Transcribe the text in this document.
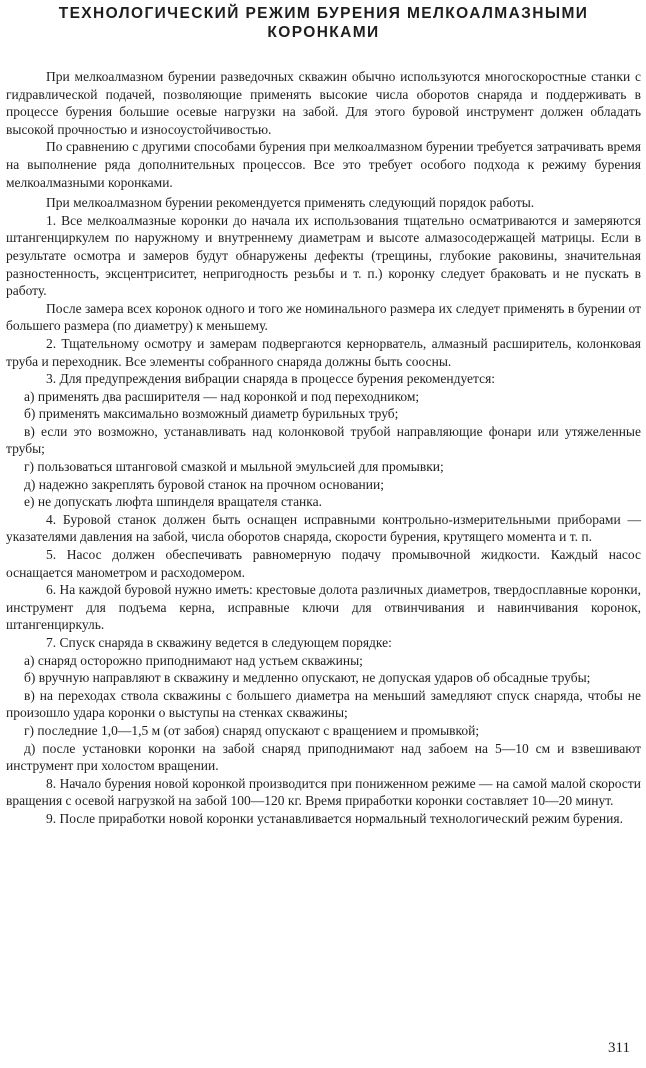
ТЕХНОЛОГИЧЕСКИЙ РЕЖИМ БУРЕНИЯ МЕЛКОАЛМАЗНЫМИ
КОРОНКАМИ

При мелкоалмазном бурении разведочных скважин обычно используются многоскоростные станки с гидравлической подачей, позволяющие применять высокие числа оборотов снаряда и поддерживать в процессе бурения большие осевые нагрузки на забой. Для этого буровой инструмент должен обладать высокой прочностью и износоустойчивостью.

По сравнению с другими способами бурения при мелкоалмазном бурении требуется затрачивать время на выполнение ряда дополнительных процессов. Все это требует особого подхода к режиму бурения мелкоалмазными коронками.

При мелкоалмазном бурении рекомендуется применять следующий порядок работы.

1. Все мелкоалмазные коронки до начала их использования тщательно осматриваются и замеряются штангенциркулем по наружному и внутреннему диаметрам и высоте алмазосодержащей матрицы. Если в результате осмотра и замеров будут обнаружены дефекты (трещины, глубокие раковины, значительная разностенность, эксцентриситет, непригодность резьбы и т. п.) коронку следует браковать и не пускать в работу.

После замера всех коронок одного и того же номинального размера их следует применять в бурении от большего размера (по диаметру) к меньшему.

2. Тщательному осмотру и замерам подвергаются кернорватель, алмазный расширитель, колонковая труба и переходник. Все элементы собранного снаряда должны быть соосны.

3. Для предупреждения вибрации снаряда в процессе бурения рекомендуется:

а) применять два расширителя — над коронкой и под переходником;

б) применять максимально возможный диаметр бурильных труб;

в) если это возможно, устанавливать над колонковой трубой направляющие фонари или утяжеленные трубы;

г) пользоваться штанговой смазкой и мыльной эмульсией для промывки;

д) надежно закреплять буровой станок на прочном основании;

е) не допускать люфта шпинделя вращателя станка.

4. Буровой станок должен быть оснащен исправными контрольно-измерительными приборами — указателями давления на забой, числа оборотов снаряда, скорости бурения, крутящего момента и т. п.

5. Насос должен обеспечивать равномерную подачу промывочной жидкости. Каждый насос оснащается манометром и расходомером.

6. На каждой буровой нужно иметь: крестовые долота различных диаметров, твердосплавные коронки, инструмент для подъема керна, исправные ключи для отвинчивания и навинчивания коронок, штангенциркуль.

7. Спуск снаряда в скважину ведется в следующем порядке:

а) снаряд осторожно приподнимают над устьем скважины;

б) вручную направляют в скважину и медленно опускают, не допуская ударов об обсадные трубы;

в) на переходах ствола скважины с большего диаметра на меньший замедляют спуск снаряда, чтобы не произошло удара коронки о выступы на стенках скважины;

г) последние 1,0—1,5 м (от забоя) снаряд опускают с вращением и промывкой;

д) после установки коронки на забой снаряд приподнимают над забоем на 5—10 см и взвешивают инструмент при холостом вращении.

8. Начало бурения новой коронкой производится при пониженном режиме — на самой малой скорости вращения с осевой нагрузкой на забой 100—120 кг. Время приработки коронки составляет 10—20 минут.

9. После приработки новой коронки устанавливается нормальный технологический режим бурения.

311
